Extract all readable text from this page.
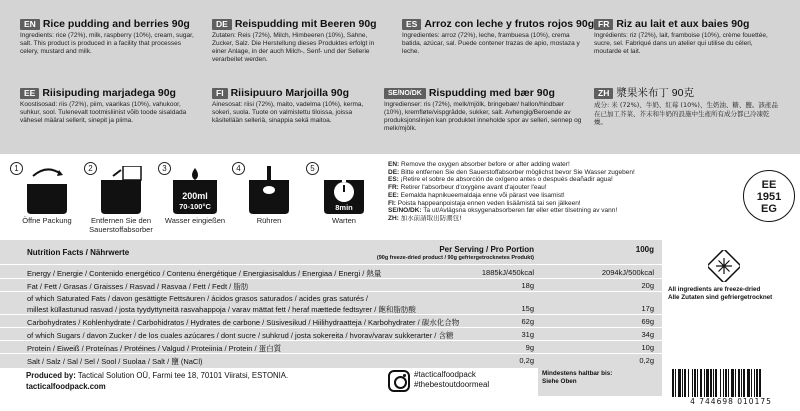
EN Rice pudding and berries 90g
Ingredients: rice (72%), milk, raspberry (10%), cream, sugar, salt. This product is produced in a facility that processes celery, mustard and milk.
DE Reispudding mit Beeren 90g
Zutaten: Reis (72%), Milch, Himbeeren (10%), Sahne, Zucker, Salz. Die Herstellung dieses Produktes erfolgt in einer Anlage, in der auch Milch-, Senf- und der Sellerie verarbeitet werden.
ES Arroz con leche y frutos rojos 90g
Ingredientes: arroz (72%), leche, frambuesa (10%), crema batida, azúcar, sal. Puede contener trazas de apio, mostaza y leche.
FR Riz au lait et aux baies 90g
Ingrédients: riz (72%), lait, framboise (10%), crème fouettée, sucre, sel. Fabriqué dans un atelier qui utilise du céleri, moutarde et lait.
EE Riisipuding marjadega 90g
Koostisosad: riis (72%), piim, vaarikas (10%), vahukoor, suhkur, sool. Tulenevalt tootmisliinist võib toode sisaldada vähesel määral sellerit, sinepit ja piima.
FI Riisipuuro Marjoilla 90g
Ainesosat: riisi (72%), maito, vadelma (10%), kerma, sokeri, suola. Tuote on valmistettu tiloissa, joissa käsitellään selleriä, sinappia sekä maitoa.
SE/NO/DK Rispudding med bær 90g
Ingredienser: ris (72%), melk/mjölk, bringebær/ hallon/hindbær (10%), kremfløte/vispgrädde, sukker, salt. Avhengig/Beroende av produksjonslinjen kan produktet inneholde spor av selleri, sennep og melk/mjölk.
ZH 漿果米布丁 90克
成分: 米 (72%)、牛奶、紅莓 (10%)、生奶油、糖、鹽。該產品在已加工芥菜、芥末和牛奶的設施中生產所有成分都已冷凍乾燥。
1
Öffne Packung
2
Entfernen Sie den Sauerstoffabsorber
3
200ml
70-100°C
Wasser eingießen
4
Rühren
5
8min
Warten
EN: Remove the oxygen absorber before or after adding water!
DE: Bitte entfernen Sie den Sauerstoffabsorber möglichst bevor Sie Wasser zugeben!
ES: ¡Retire el sobre de absorción de oxígeno antes o después deañadir agua!
FR: Retirer l'absorbeur d'oxygène avant d'ajouter l'eau!
EE: Eemalda hapnikueemaldaja enne või pärast vee lisamist!
FI: Poista happeanpoistaja ennen veden lisäämistä tai sen jälkeen!
SE/NO/DK: Ta ut/Avlägsna oksygenabsorberen før eller etter tilsetning av vann!
ZH: 加水前請取出防潮包!
EE
1951
EG
Nutrition Facts / Nährwerte	Per Serving / Pro Portion	100g
(90g freeze-dried product / 90g gefriergetrocknetes Produkt)
Energy / Energie / Contenido energético / Contenu énergétique / Energiasisaldus / Energiaa / Energi / 熱量	1885kJ/450kcal	2094kJ/500kcal
Fat / Fett / Grasas / Graisses / Rasvad / Rasvaa / Fett / Fedt / 脂肪	18g	20g
of which Saturated Fats / davon gesättigte Fettsäuren / ácidos grasos saturados / acides gras saturés /
millest küllastunud rasvad / josta tyydyttyneitä rasvahappoja / varav mättat fett / heraf mættede fedtsyrer / 飽和脂肪酸	15g	17g
Carbohydrates / Kohlenhydrate / Carbohidratos / Hydrates de carbone / Süsivesikud / Hiilihydraatteja / Karbohydrater / 碳水化合物	62g	69g
of which Sugars / davon Zucker / de los cuales azúcares / dont sucre / suhkrud / josta sokereita / hvorav/varav sukkerarter / 含糖	31g	34g
Protein / Eiweiß / Proteínas / Protéines / Valgud / Proteiinia / Protein / 蛋白質	9g	10g
Salt / Salz / Sal / Sel / Sool / Suolaa / Salt / 鹽 (NaCl)	0,2g	0,2g
All ingredients are freeze-dried
Alle Zutaten sind gefriergetrocknet
Produced by: Tactical Solution OÜ, Farmi tee 18, 70101 Viiratsi, ESTONIA.
tacticalfoodpack.com
#tacticalfoodpack
#thebestoutdoormeal
Mindestens haltbar bis:
Siehe Oben
4 744698 010175
